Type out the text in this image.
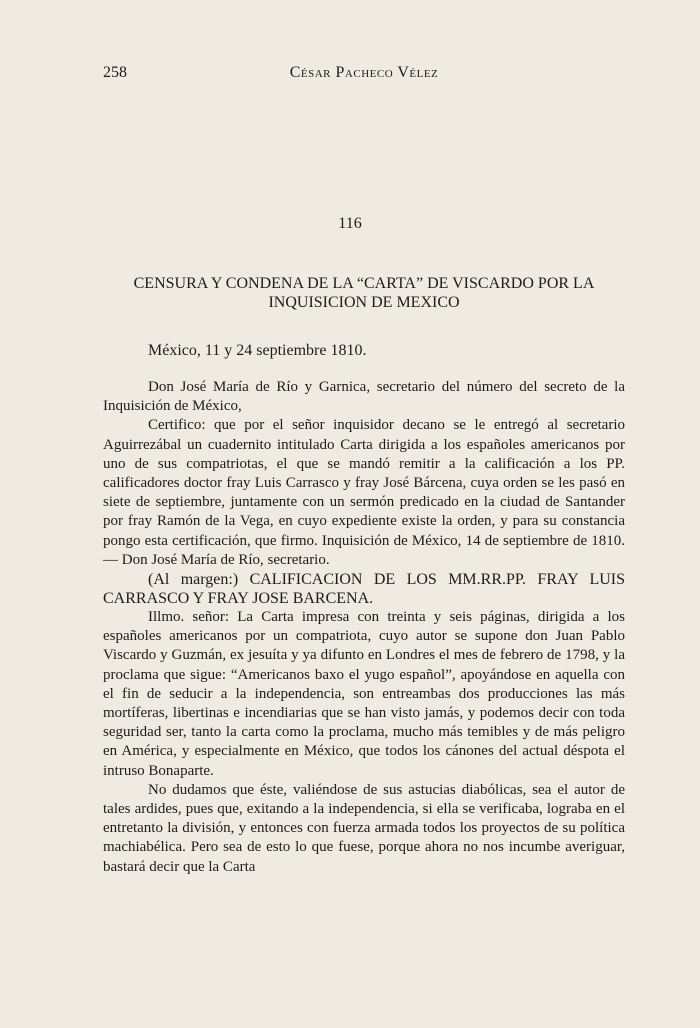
258	César Pacheco Vélez
116
CENSURA Y CONDENA DE LA “CARTA” DE VISCARDO POR LA INQUISICION DE MEXICO
México, 11 y 24 septiembre 1810.

Don José María de Río y Garnica, secretario del número del secreto de la Inquisición de México,

Certifico: que por el señor inquisidor decano se le entregó al secretario Aguirrezábal un cuadernito intitulado Carta dirigida a los españoles americanos por uno de sus compatriotas, el que se mandó remitir a la calificación a los PP. calificadores doctor fray Luis Carrasco y fray José Bárcena, cuya orden se les pasó en siete de septiembre, juntamente con un sermón predicado en la ciudad de Santander por fray Ramón de la Vega, en cuyo expediente existe la orden, y para su constancia pongo esta certificación, que firmo. Inquisición de México, 14 de septiembre de 1810.— Don José María de Río, secretario.

(Al margen:) CALIFICACION DE LOS MM.RR.PP. FRAY LUIS CARRASCO Y FRAY JOSE BARCENA.

Illmo. señor: La Carta impresa con treinta y seis páginas, dirigida a los españoles americanos por un compatriota, cuyo autor se supone don Juan Pablo Viscardo y Guzmán, ex jesuíta y ya difunto en Londres el mes de febrero de 1798, y la proclama que sigue: “Americanos baxo el yugo español”, apoyándose en aquella con el fin de seducir a la independencia, son entreambas dos producciones las más mortíferas, libertinas e incendiarias que se han visto jamás, y podemos decir con toda seguridad ser, tanto la carta como la proclama, mucho más temibles y de más peligro en América, y especialmente en México, que todos los cánones del actual déspota el intruso Bonaparte.

No dudamos que éste, valiéndose de sus astucias diabólicas, sea el autor de tales ardides, pues que, exitando a la independencia, si ella se verificaba, lograba en el entretanto la división, y entonces con fuerza armada todos los proyectos de su política machiabélica. Pero sea de esto lo que fuese, porque ahora no nos incumbe averiguar, bastará decir que la Carta
